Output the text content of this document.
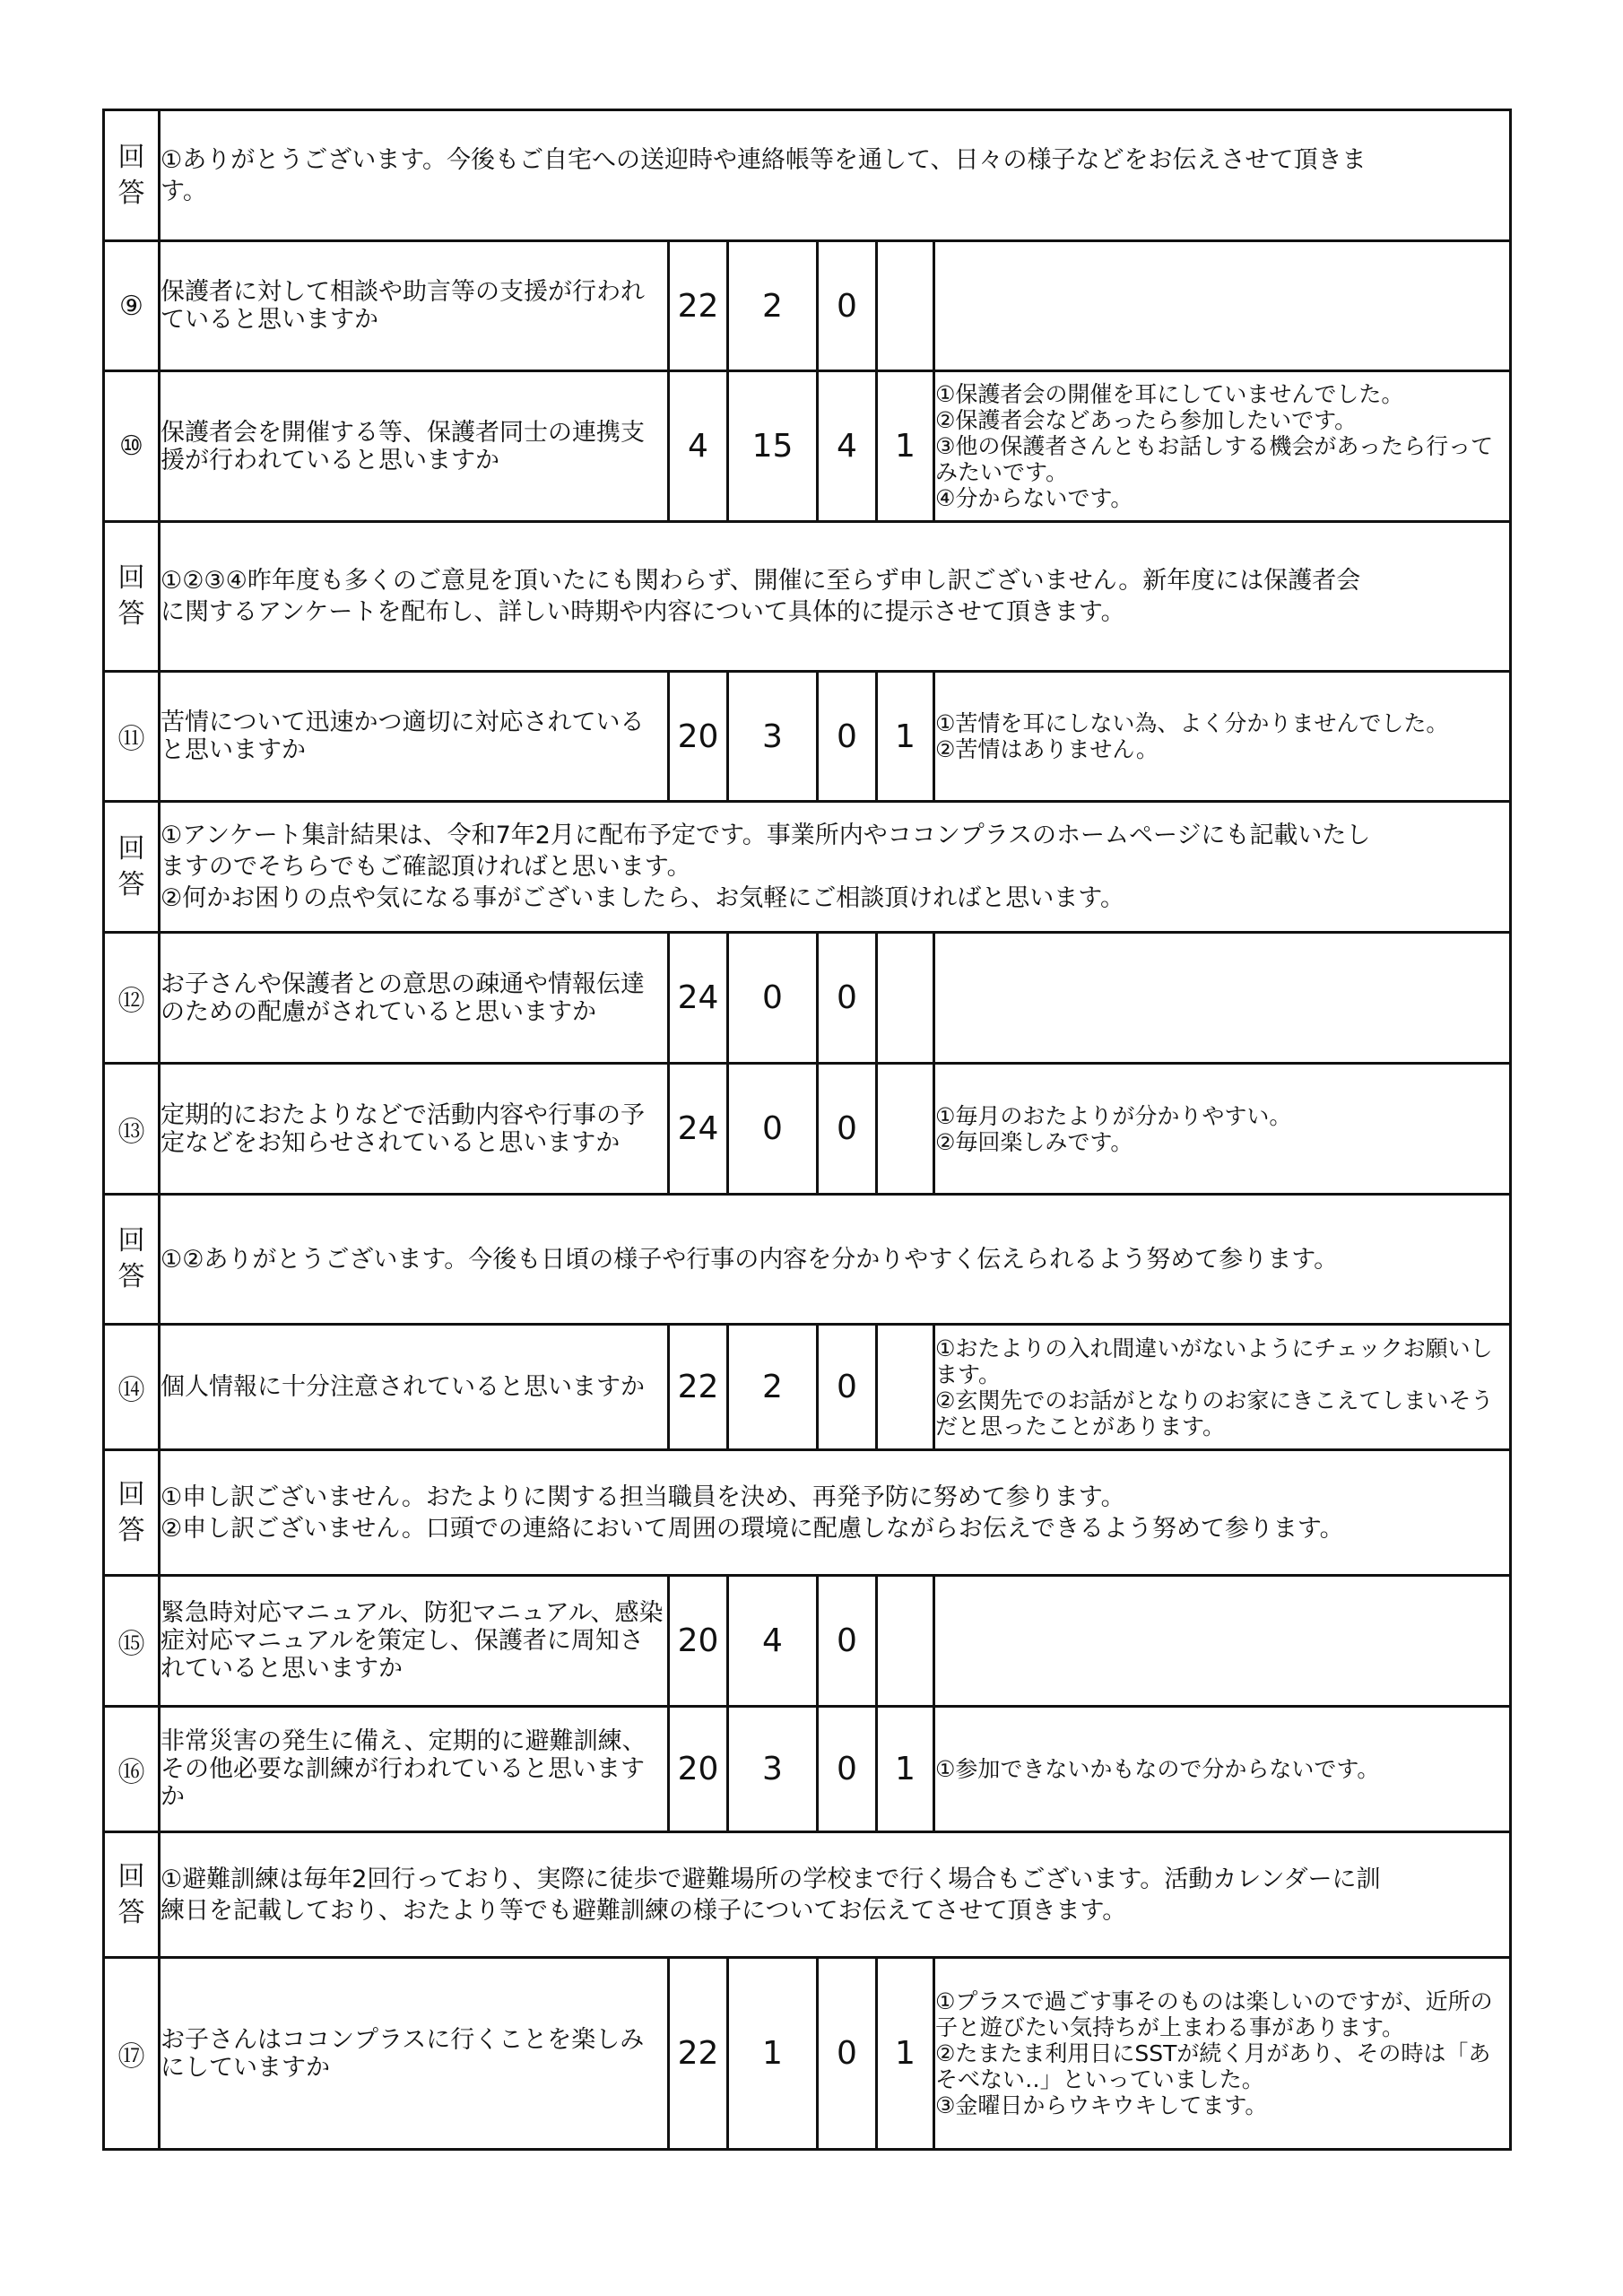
回
答	①ありがとうございます。今後もご自宅への送迎時や連絡帳等を通して、日々の様子などをお伝えさせて頂きま
す。					

⑨	保護者に対して相談や助言等の支援が行われていると思いますか	22	2	0		
⑩	保護者会を開催する等、保護者同士の連携支援が行われていると思いますか	4	15	4	1	①保護者会の開催を耳にしていませんでした。
②保護者会などあったら参加したいです。
③他の保護者さんともお話しする機会があったら行ってみたいです。
④分からないです。

回
答	①②③④昨年度も多くのご意見を頂いたにも関わらず、開催に至らず申し訳ございません。新年度には保護者会
に関するアンケートを配布し、詳しい時期や内容について具体的に提示させて頂きます。					

⑪	苦情について迅速かつ適切に対応されていると思いますか	20	3	0	1	①苦情を耳にしない為、よく分かりませんでした。
②苦情はありません。

回
答	①アンケート集計結果は、令和7年2月に配布予定です。事業所内やココンプラスのホームページにも記載いたし
ますのでそちらでもご確認頂ければと思います。
②何かお困りの点や気になる事がございましたら、お気軽にご相談頂ければと思います。					

⑫	お子さんや保護者との意思の疎通や情報伝達のための配慮がされていると思いますか	24	0	0		
⑬	定期的におたよりなどで活動内容や行事の予定などをお知らせされていると思いますか	24	0	0		①毎月のおたよりが分かりやすい。
②毎回楽しみです。

回
答	①②ありがとうございます。今後も日頃の様子や行事の内容を分かりやすく伝えられるよう努めて参ります。					

⑭	個人情報に十分注意されていると思いますか	22	2	0		①おたよりの入れ間違いがないようにチェックお願いします。
②玄関先でのお話がとなりのお家にきこえてしまいそうだと思ったことがあります。

回
答	①申し訳ございません。おたよりに関する担当職員を決め、再発予防に努めて参ります。
②申し訳ございません。口頭での連絡において周囲の環境に配慮しながらお伝えできるよう努めて参ります。					

⑮	緊急時対応マニュアル、防犯マニュアル、感染症対応マニュアルを策定し、保護者に周知されていると思いますか	20	4	0		
⑯	非常災害の発生に備え、定期的に避難訓練、その他必要な訓練が行われていると思いますか	20	3	0	1	①参加できないかもなので分からないです。

回
答	①避難訓練は毎年2回行っており、実際に徒歩で避難場所の学校まで行く場合もございます。活動カレンダーに訓
練日を記載しており、おたより等でも避難訓練の様子についてお伝えてさせて頂きます。					

⑰	お子さんはココンプラスに行くことを楽しみにしていますか	22	1	0	1	①プラスで過ごす事そのものは楽しいのですが、近所の子と遊びたい気持ちが上まわる事があります。
②たまたま利用日にSSTが続く月があり、その時は「あそべない‥」といっていました。
③金曜日からウキウキしてます。
